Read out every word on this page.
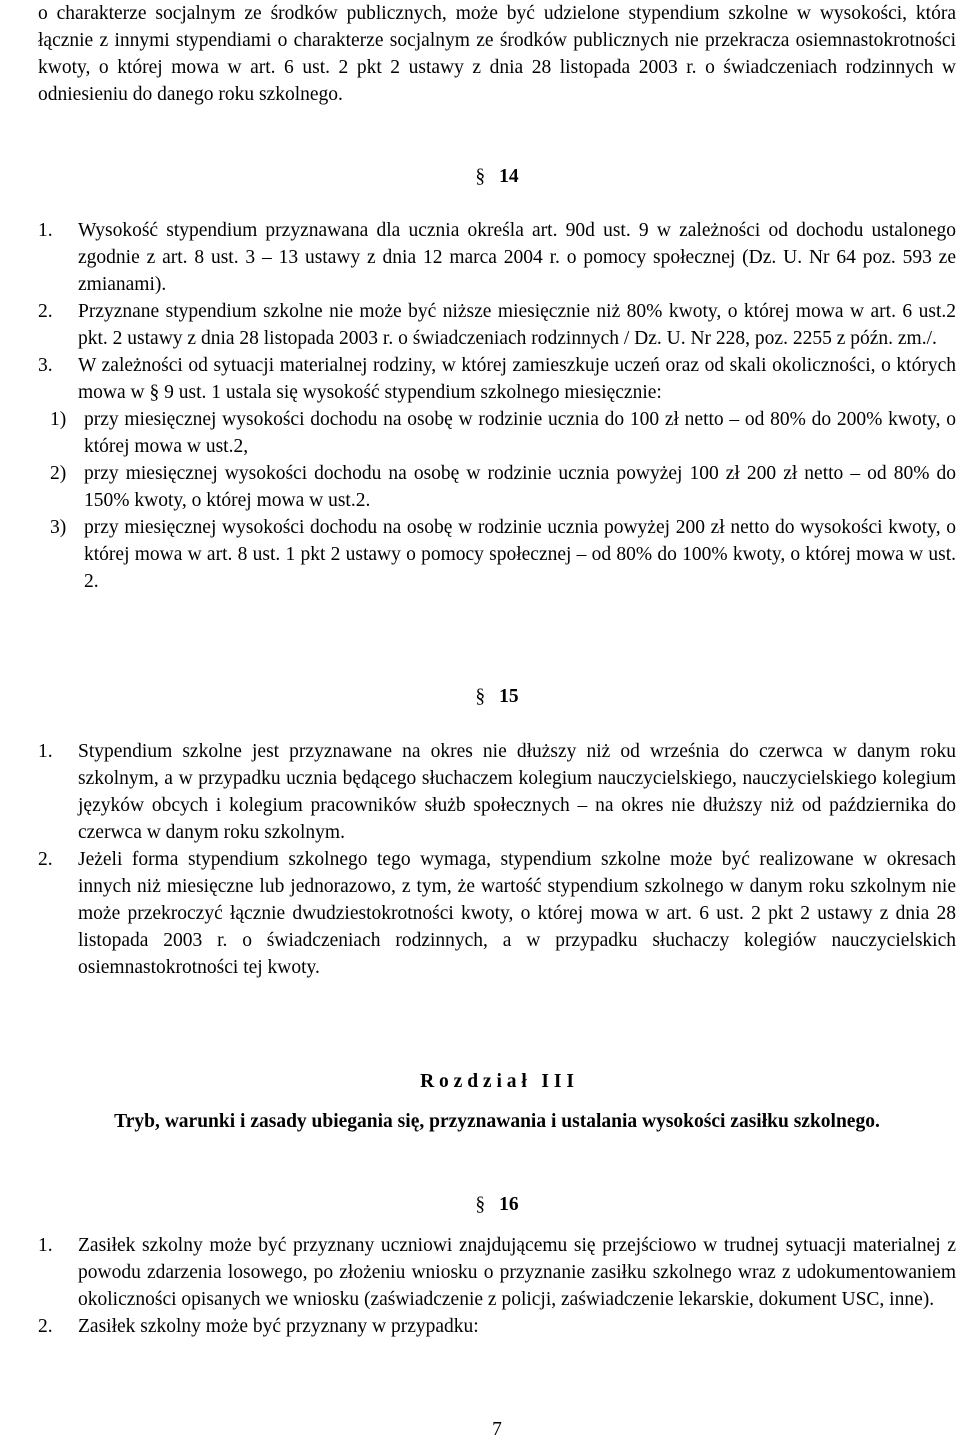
o charakterze socjalnym ze środków publicznych, może być udzielone stypendium szkolne w wysokości, która łącznie z innymi stypendiami o charakterze socjalnym ze środków publicznych nie przekracza osiemnastokrotności kwoty, o której mowa w art. 6 ust. 2 pkt 2 ustawy z dnia 28 listopada 2003 r. o świadczeniach rodzinnych w odniesieniu do danego roku szkolnego.

§ 14
1. Wysokość stypendium przyznawana dla ucznia określa art. 90d ust. 9 w zależności od dochodu ustalonego zgodnie z art. 8 ust. 3 – 13 ustawy z dnia 12 marca 2004 r. o pomocy społecznej (Dz. U. Nr 64 poz. 593 ze zmianami).

2. Przyznane stypendium szkolne nie może być niższe miesięcznie niż 80% kwoty, o której mowa w art. 6 ust.2 pkt. 2 ustawy z dnia 28 listopada 2003 r. o świadczeniach rodzinnych / Dz. U. Nr 228, poz. 2255 z późn. zm./.

3. W zależności od sytuacji materialnej rodziny, w której zamieszkuje uczeń oraz od skali okoliczności, o których mowa w § 9 ust. 1 ustala się wysokość stypendium szkolnego miesięcznie:

1) przy miesięcznej wysokości dochodu na osobę w rodzinie ucznia do 100 zł netto – od 80% do 200% kwoty, o której mowa w ust.2,

2) przy miesięcznej wysokości dochodu na osobę w rodzinie ucznia powyżej 100 zł 200 zł netto – od 80% do 150% kwoty, o której mowa w ust.2.

3) przy miesięcznej wysokości dochodu na osobę w rodzinie ucznia powyżej 200 zł netto do wysokości kwoty, o której mowa w art. 8 ust. 1 pkt 2 ustawy o pomocy społecznej – od 80% do 100% kwoty, o której mowa w ust. 2.

§ 15
1. Stypendium szkolne jest przyznawane na okres nie dłuższy niż od września do czerwca w danym roku szkolnym, a w przypadku ucznia będącego słuchaczem kolegium nauczycielskiego, nauczycielskiego kolegium języków obcych i kolegium pracowników służb społecznych – na okres nie dłuższy niż od października do czerwca w danym roku szkolnym.

2. Jeżeli forma stypendium szkolnego tego wymaga, stypendium szkolne może być realizowane w okresach innych niż miesięczne lub jednorazowo, z tym, że wartość stypendium szkolnego w danym roku szkolnym nie może przekroczyć łącznie dwudziestokrotności kwoty, o której mowa w art. 6 ust. 2 pkt 2 ustawy z dnia 28 listopada 2003 r. o świadczeniach rodzinnych, a w przypadku słuchaczy kolegiów nauczycielskich osiemnastokrotności tej kwoty.

R o z d z i a ł   I I I
Tryb, warunki i zasady ubiegania się, przyznawania i ustalania wysokości zasiłku szkolnego.
§ 16
1. Zasiłek szkolny może być przyznany uczniowi znajdującemu się przejściowo w trudnej sytuacji materialnej z powodu zdarzenia losowego, po złożeniu wniosku o przyznanie zasiłku szkolnego wraz z udokumentowaniem okoliczności opisanych we wniosku (zaświadczenie z policji, zaświadczenie lekarskie, dokument USC, inne).

2. Zasiłek szkolny może być przyznany w przypadku:

7
